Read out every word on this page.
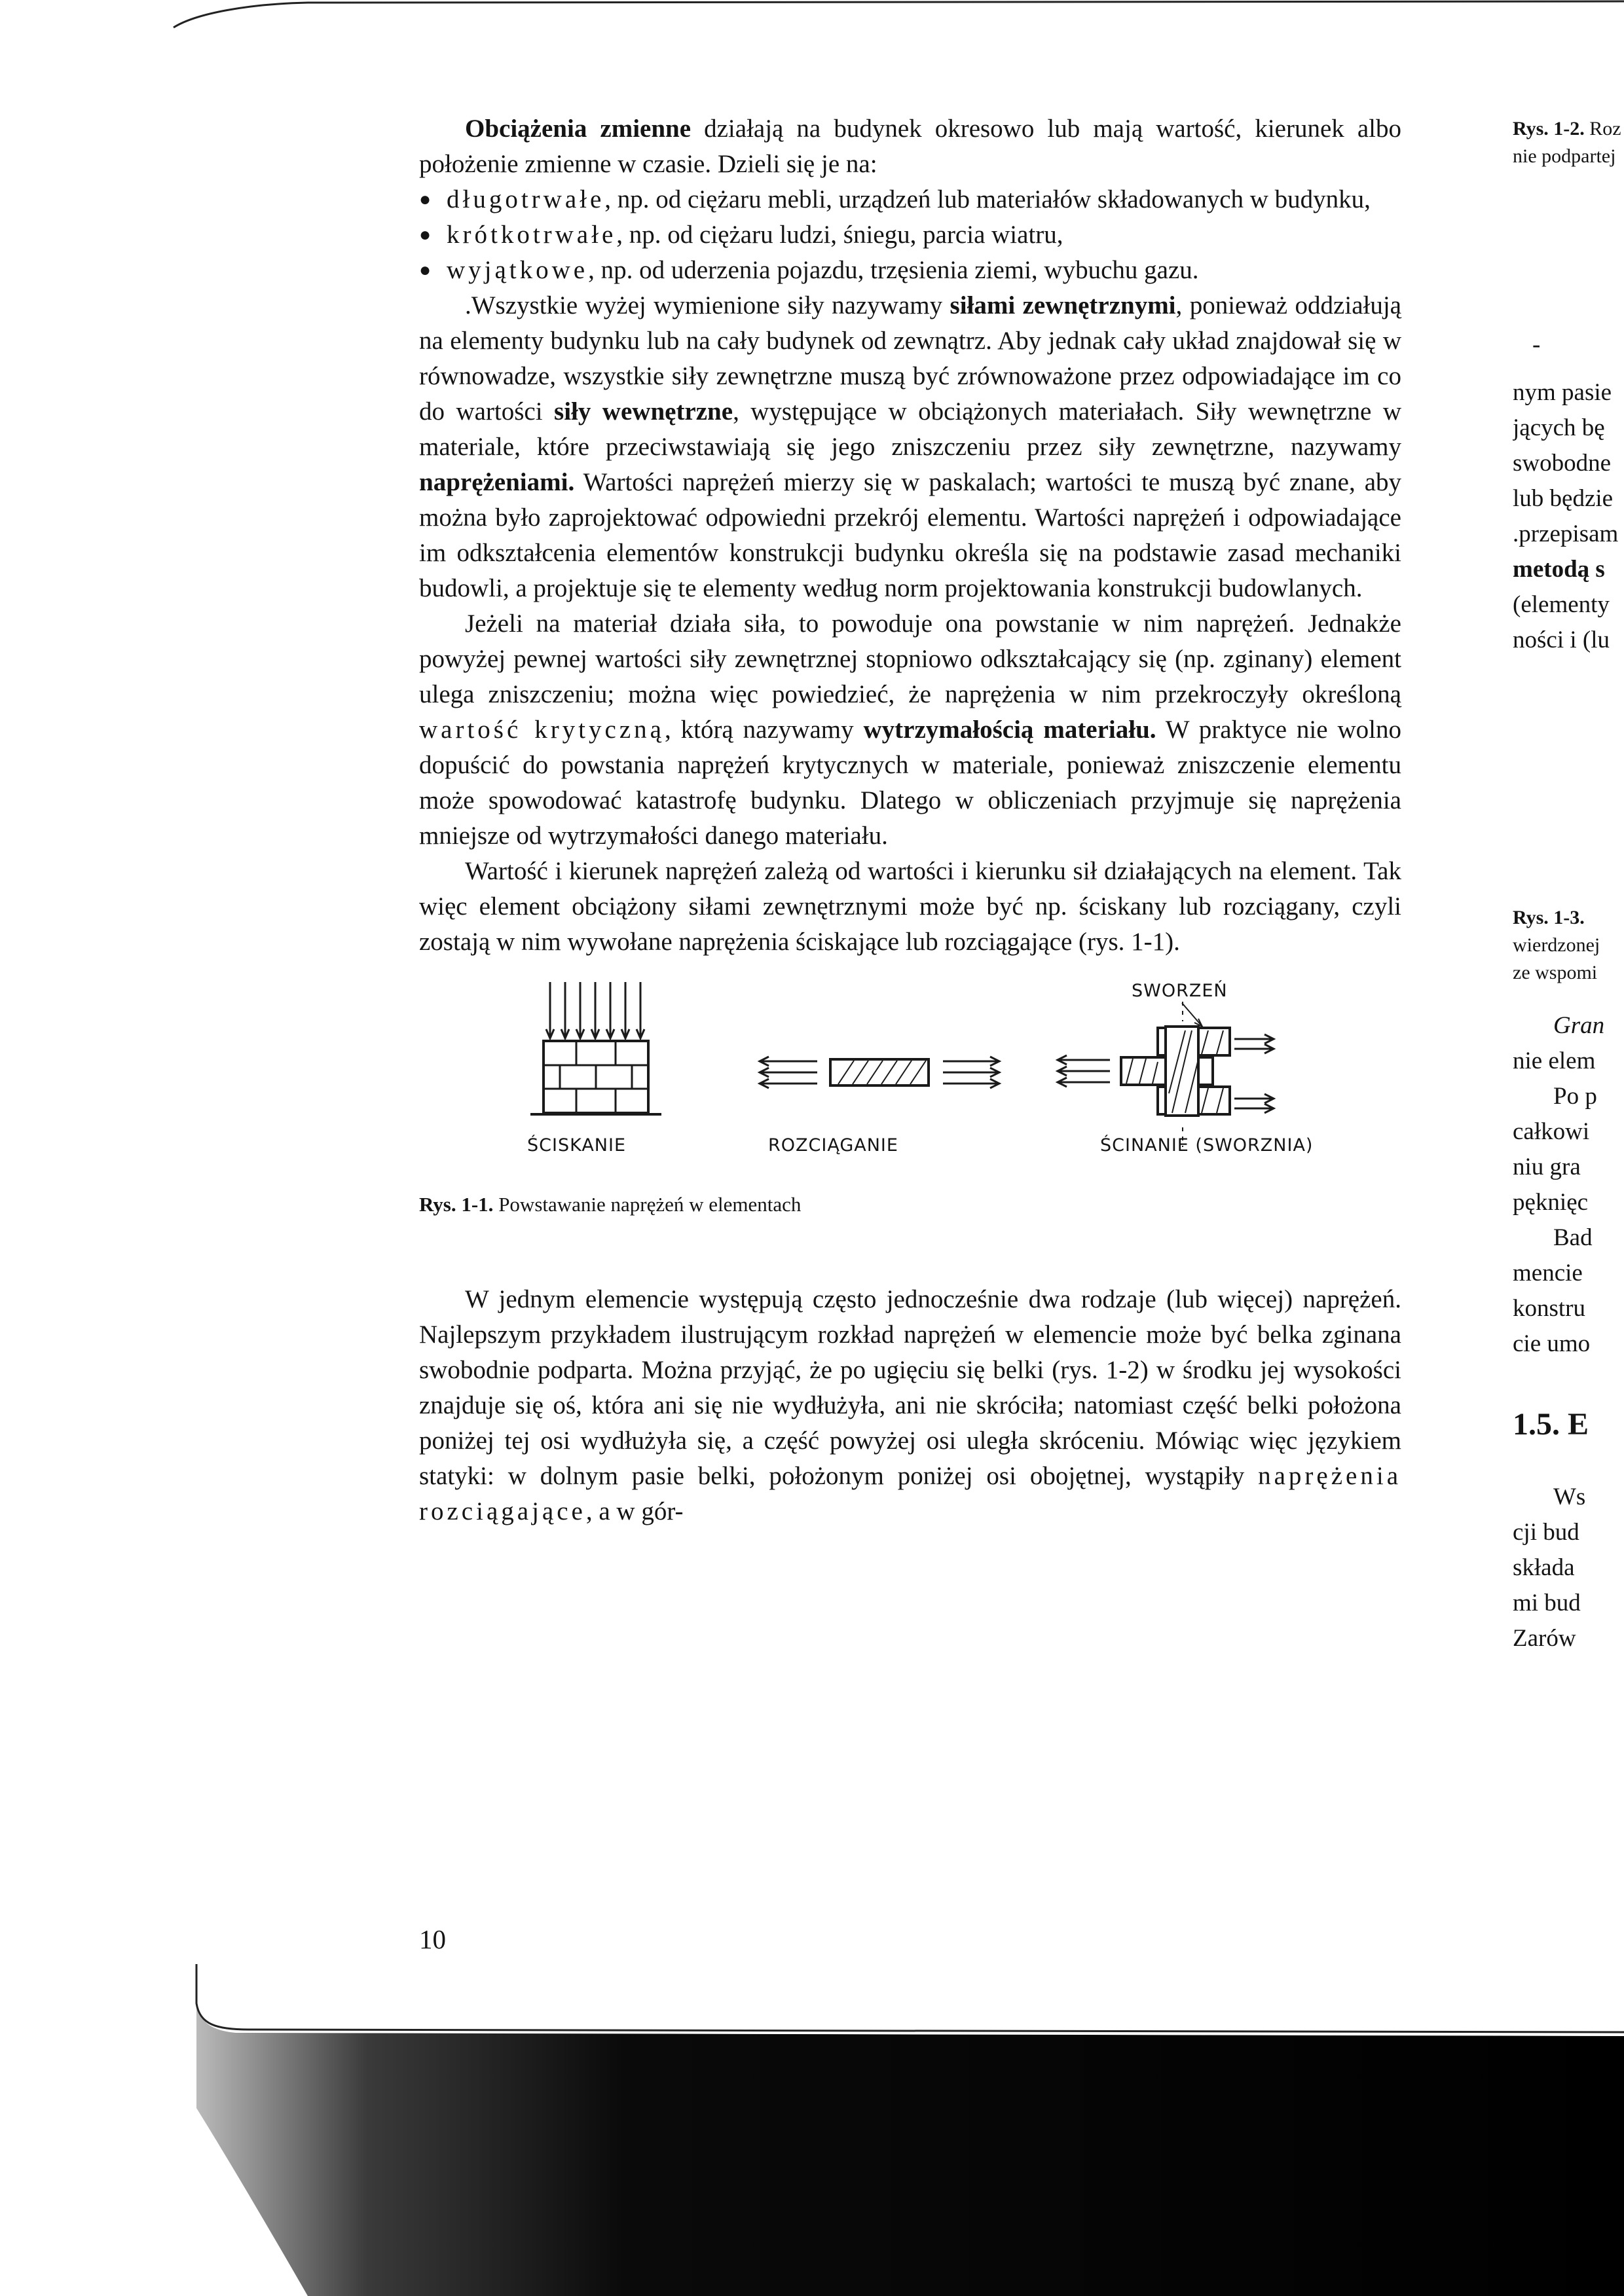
Obciążenia zmienne działają na budynek okresowo lub mają wartość, kierunek albo położenie zmienne w czasie. Dzieli się je na:

● długotrwałe, np. od ciężaru mebli, urządzeń lub materiałów składowanych w budynku,
● krótkotrwałe, np. od ciężaru ludzi, śniegu, parcia wiatru,
● wyjątkowe, np. od uderzenia pojazdu, trzęsienia ziemi, wybuchu gazu.

.Wszystkie wyżej wymienione siły nazywamy siłami zewnętrznymi, ponieważ oddziałują na elementy budynku lub na cały budynek od zewnątrz. Aby jednak cały układ znajdował się w równowadze, wszystkie siły zewnętrzne muszą być zrównoważone przez odpowiadające im co do wartości siły wewnętrzne, występujące w obciążonych materiałach. Siły wewnętrzne w materiale, które przeciwstawiają się jego zniszczeniu przez siły zewnętrzne, nazywamy naprężeniami. Wartości naprężeń mierzy się w paskalach; wartości te muszą być znane, aby można było zaprojektować odpowiedni przekrój elementu. Wartości naprężeń i odpowiadające im odkształcenia elementów konstrukcji budynku określa się na podstawie zasad mechaniki budowli, a projektuje się te elementy według norm projektowania konstrukcji budowlanych.

Jeżeli na materiał działa siła, to powoduje ona powstanie w nim naprężeń. Jednakże powyżej pewnej wartości siły zewnętrznej stopniowo odkształcający się (np. zginany) element ulega zniszczeniu; można więc powiedzieć, że naprężenia w nim przekroczyły określoną wartość krytyczną, którą nazywamy wytrzymałością materiału. W praktyce nie wolno dopuścić do powstania naprężeń krytycznych w materiale, ponieważ zniszczenie elementu może spowodować katastrofę budynku. Dlatego w obliczeniach przyjmuje się naprężenia mniejsze od wytrzymałości danego materiału.

Wartość i kierunek naprężeń zależą od wartości i kierunku sił działających na element. Tak więc element obciążony siłami zewnętrznymi może być np. ściskany lub rozciągany, czyli zostają w nim wywołane naprężenia ściskające lub rozciągające (rys. 1-1).

SWORZEŃ
ŚCISKANIE	ROZCIĄGANIE	ŚCINANIE (SWORZNIA)

Rys. 1-1. Powstawanie naprężeń w elementach

W jednym elemencie występują często jednocześnie dwa rodzaje (lub więcej) naprężeń. Najlepszym przykładem ilustrującym rozkład naprężeń w elemencie może być belka zginana swobodnie podparta. Można przyjąć, że po ugięciu się belki (rys. 1-2) w środku jej wysokości znajduje się oś, która ani się nie wydłużyła, ani nie skróciła; natomiast część belki położona poniżej tej osi wydłużyła się, a część powyżej osi uległa skróceniu. Mówiąc więc językiem statyki: w dolnym pasie belki, położonym poniżej osi obojętnej, wystąpiły naprężenia rozciągające, a w gór-

10
Rys. 1-2. Roz
nie podpartej
-
nym pasie
jących bę
swobodne
lub będzie
.przepisam
metodą s
(elementy
ności i (lu
Rys. 1-3.
wierdzonej
ze wspomi
Gran
nie elem
Po p
całkowi
niu gra
pęknięc
Bad
mencie
konstru
cie umo
1.5. E
Ws
cji bud
składa
mi bud
Zarów
